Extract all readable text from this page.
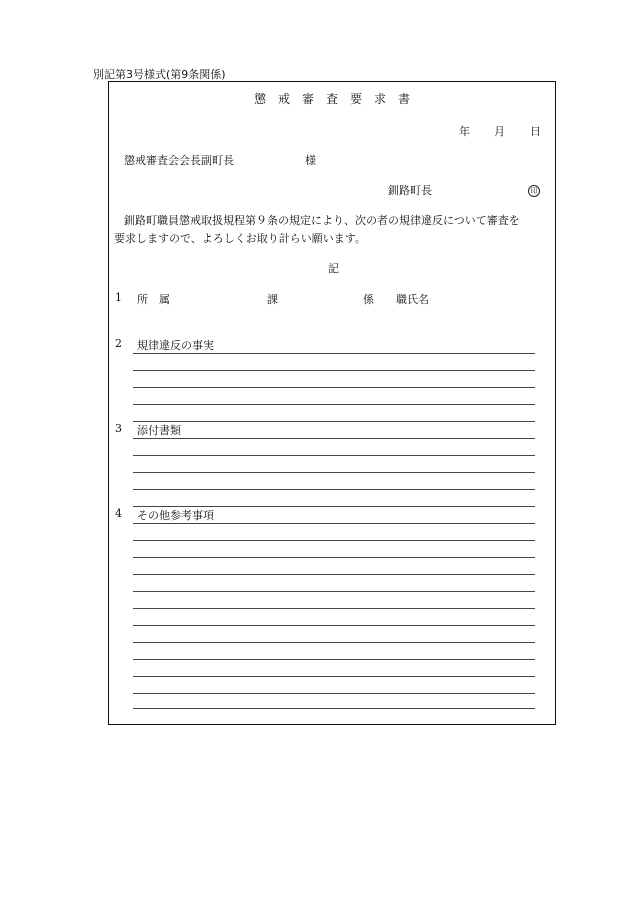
別記第3号様式(第9条関係)
懲 戒 審 査 要 求 書
年 月 日
懲戒審査会会長副町長	様
釧路町長	印
釧路町職員懲戒取扱規程第９条の規定により、次の者の規律違反について審査を
要求しますので、よろしくお取り計らい願います。
記
1 所　属	課	係 職氏名
2 規律違反の事実
3 添付書類
4 その他参考事項
